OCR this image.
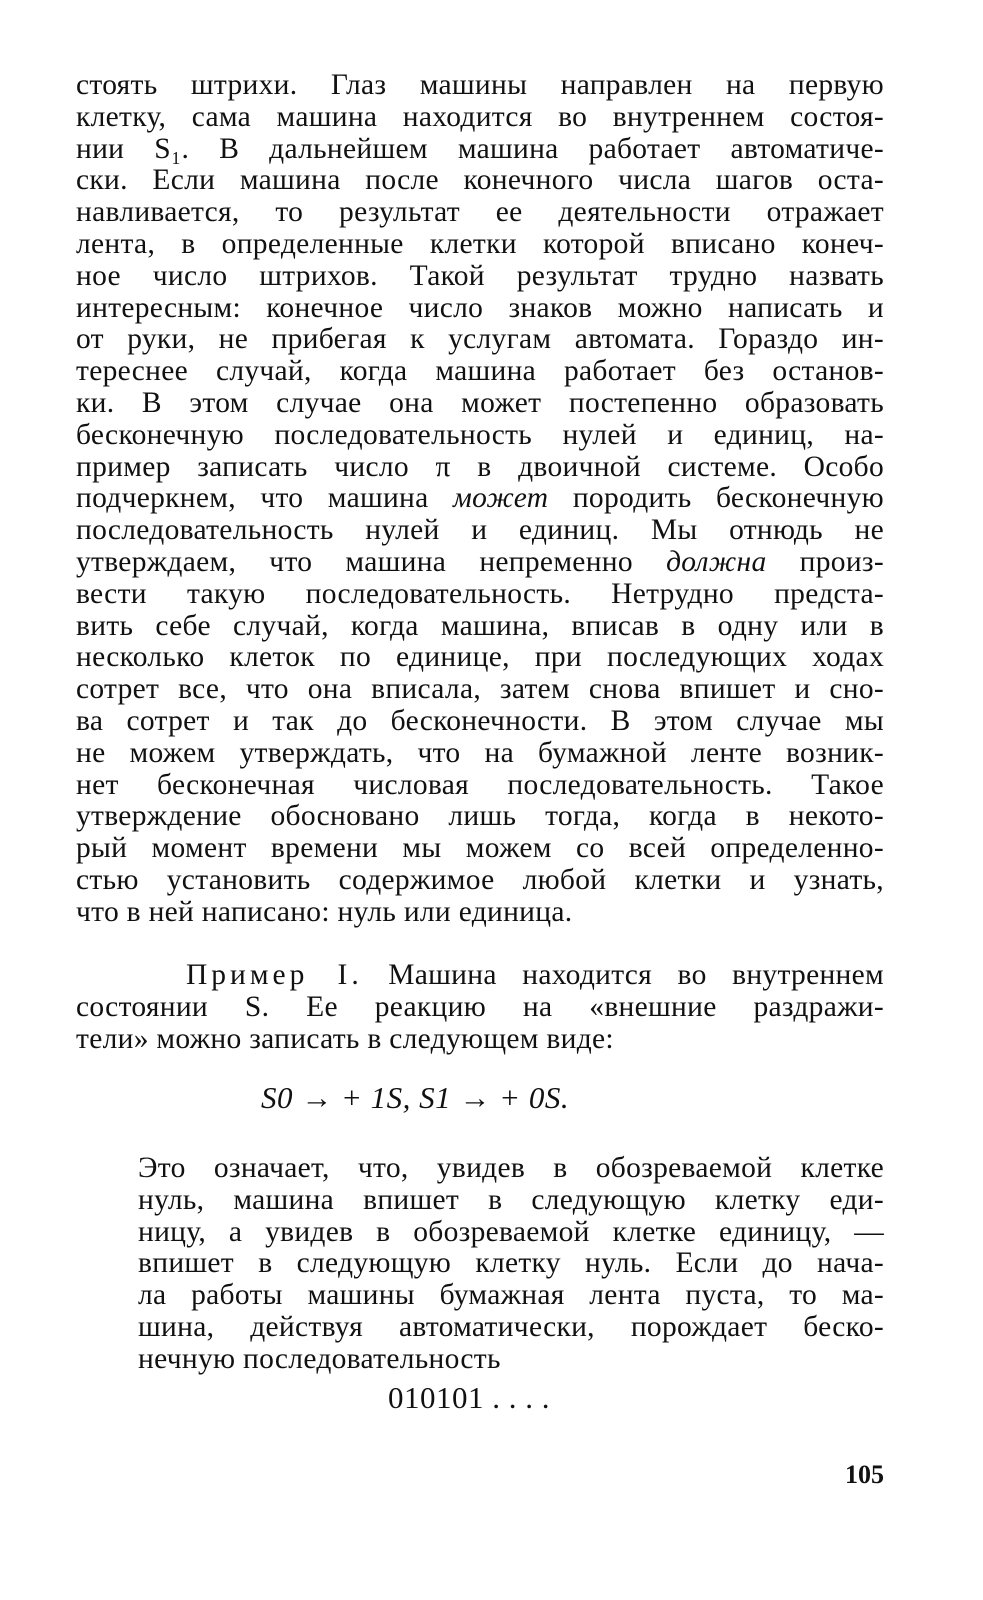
стоять штрихи. Глаз машины направлен на первую
клетку, сама машина находится во внутреннем состоя-
нии S₁. В дальнейшем машина работает автоматиче-
ски. Если машина после конечного числа шагов оста-
навливается, то результат ее деятельности отражает
лента, в определенные клетки которой вписано конеч-
ное число штрихов. Такой результат трудно назвать
интересным: конечное число знаков можно написать и
от руки, не прибегая к услугам автомата. Гораздо ин-
тереснее случай, когда машина работает без останов-
ки. В этом случае она может постепенно образовать
бесконечную последовательность нулей и единиц, на-
пример записать число π в двоичной системе. Особо
подчеркнем, что машина может породить бесконечную
последовательность нулей и единиц. Мы отнюдь не
утверждаем, что машина непременно должна произ-
вести такую последовательность. Нетрудно предста-
вить себе случай, когда машина, вписав в одну или в
несколько клеток по единице, при последующих ходах
сотрет все, что она вписала, затем снова впишет и сно-
ва сотрет и так до бесконечности. В этом случае мы
не можем утверждать, что на бумажной ленте возник-
нет бесконечная числовая последовательность. Такое
утверждение обосновано лишь тогда, когда в некото-
рый момент времени мы можем со всей определенно-
стью установить содержимое любой клетки и узнать,
что в ней написано: нуль или единица.
Пример I. Машина находится во внутреннем
состоянии S. Ее реакцию на «внешние раздражи-
тели» можно записать в следующем виде:
S0 → + 1S, S1 → + 0S.
Это означает, что, увидев в обозреваемой клетке
нуль, машина впишет в следующую клетку еди-
ницу, а увидев в обозреваемой клетке единицу, —
впишет в следующую клетку нуль. Если до нача-
ла работы машины бумажная лента пуста, то ма-
шина, действуя автоматически, порождает беско-
нечную последовательность
010101 . . . .
105
